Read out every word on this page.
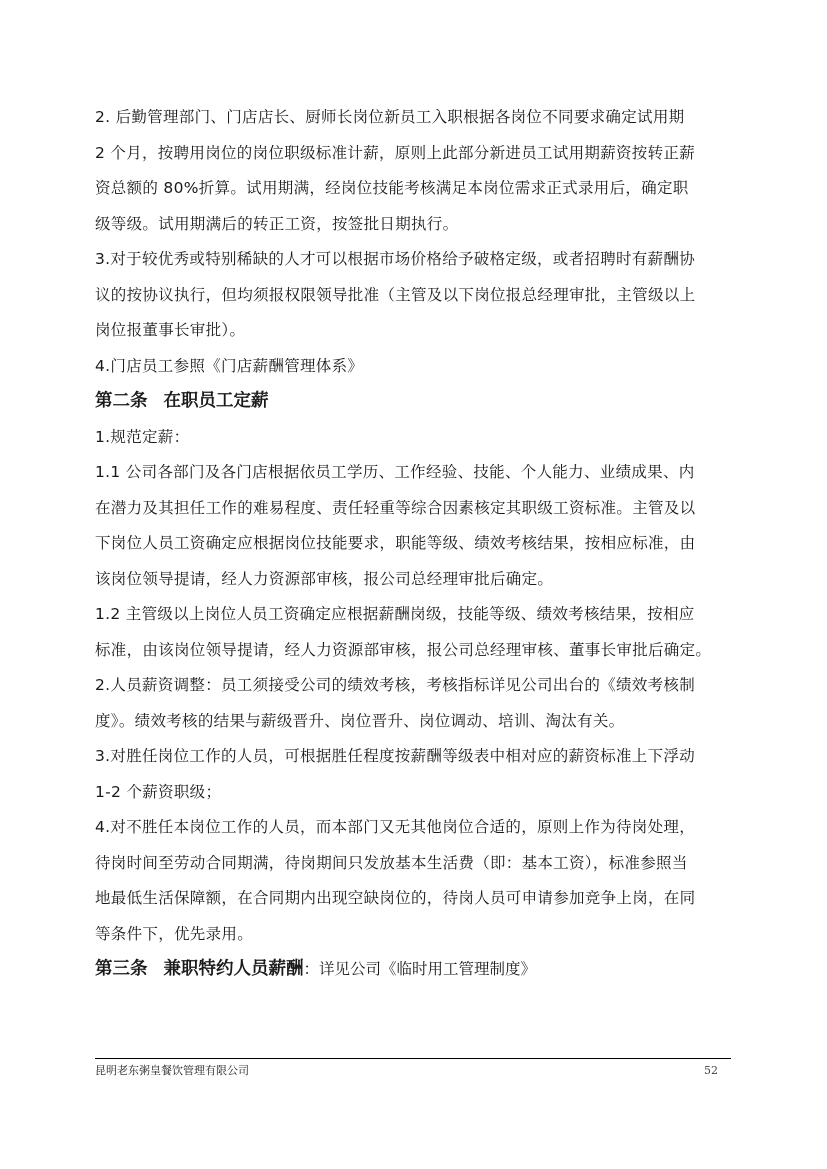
2. 后勤管理部门、门店店长、厨师长岗位新员工入职根据各岗位不同要求确定试用期
2 个月，按聘用岗位的岗位职级标准计薪，原则上此部分新进员工试用期薪资按转正薪
资总额的 80%折算。试用期满，经岗位技能考核满足本岗位需求正式录用后，确定职
级等级。试用期满后的转正工资，按签批日期执行。
3.对于较优秀或特别稀缺的人才可以根据市场价格给予破格定级，或者招聘时有薪酬协
议的按协议执行，但均须报权限领导批准（主管及以下岗位报总经理审批，主管级以上
岗位报董事长审批）。
4.门店员工参照《门店薪酬管理体系》
第二条 在职员工定薪
1.规范定薪：
1.1 公司各部门及各门店根据依员工学历、工作经验、技能、个人能力、业绩成果、内
在潜力及其担任工作的难易程度、责任轻重等综合因素核定其职级工资标准。主管及以
下岗位人员工资确定应根据岗位技能要求，职能等级、绩效考核结果，按相应标准，由
该岗位领导提请，经人力资源部审核，报公司总经理审批后确定。
1.2 主管级以上岗位人员工资确定应根据薪酬岗级，技能等级、绩效考核结果，按相应
标准，由该岗位领导提请，经人力资源部审核，报公司总经理审核、董事长审批后确定。
2.人员薪资调整：员工须接受公司的绩效考核，考核指标详见公司出台的《绩效考核制
度》。绩效考核的结果与薪级晋升、岗位晋升、岗位调动、培训、淘汰有关。
3.对胜任岗位工作的人员，可根据胜任程度按薪酬等级表中相对应的薪资标准上下浮动
1-2 个薪资职级；
4.对不胜任本岗位工作的人员，而本部门又无其他岗位合适的，原则上作为待岗处理，
待岗时间至劳动合同期满，待岗期间只发放基本生活费（即：基本工资），标准参照当
地最低生活保障额，在合同期内出现空缺岗位的，待岗人员可申请参加竞争上岗，在同
等条件下，优先录用。
第三条 兼职特约人员薪酬：详见公司《临时用工管理制度》
昆明老东粥皇餐饮管理有限公司	52
